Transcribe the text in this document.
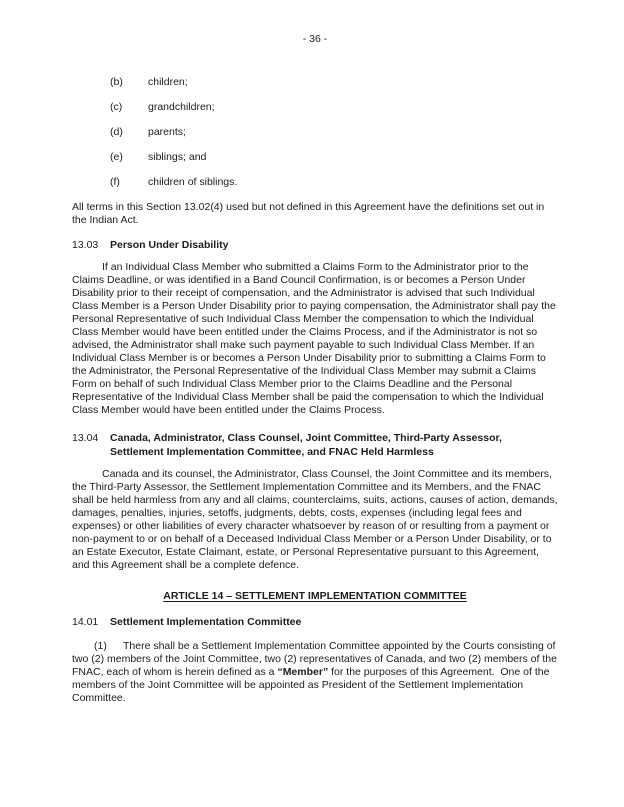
- 36 -

(b) children;
(c) grandchildren;
(d) parents;
(e) siblings; and
(f)	children of siblings.

All terms in this Section 13.02(4) used but not defined in this Agreement have the definitions set out in the Indian Act.

13.03 Person Under Disability

If an Individual Class Member who submitted a Claims Form to the Administrator prior to the Claims Deadline, or was identified in a Band Council Confirmation, is or becomes a Person Under Disability prior to their receipt of compensation, and the Administrator is advised that such Individual Class Member is a Person Under Disability prior to paying compensation, the Administrator shall pay the Personal Representative of such Individual Class Member the compensation to which the Individual Class Member would have been entitled under the Claims Process, and if the Administrator is not so advised, the Administrator shall make such payment payable to such Individual Class Member. If an Individual Class Member is or becomes a Person Under Disability prior to submitting a Claims Form to the Administrator, the Personal Representative of the Individual Class Member may submit a Claims Form on behalf of such Individual Class Member prior to the Claims Deadline and the Personal Representative of the Individual Class Member shall be paid the compensation to which the Individual Class Member would have been entitled under the Claims Process.

13.04 Canada, Administrator, Class Counsel, Joint Committee, Third-Party Assessor, Settlement Implementation Committee, and FNAC Held Harmless

Canada and its counsel, the Administrator, Class Counsel, the Joint Committee and its members, the Third-Party Assessor, the Settlement Implementation Committee and its Members, and the FNAC shall be held harmless from any and all claims, counterclaims, suits, actions, causes of action, demands, damages, penalties, injuries, setoffs, judgments, debts, costs, expenses (including legal fees and expenses) or other liabilities of every character whatsoever by reason of or resulting from a payment or non-payment to or on behalf of a Deceased Individual Class Member or a Person Under Disability, or to an Estate Executor, Estate Claimant, estate, or Personal Representative pursuant to this Agreement, and this Agreement shall be a complete defence.

ARTICLE 14 – SETTLEMENT IMPLEMENTATION COMMITTEE
14.01 Settlement Implementation Committee

(1) There shall be a Settlement Implementation Committee appointed by the Courts consisting of two (2) members of the Joint Committee, two (2) representatives of Canada, and two (2) members of the FNAC, each of whom is herein defined as a “Member” for the purposes of this Agreement.  One of the members of the Joint Committee will be appointed as President of the Settlement Implementation Committee.
